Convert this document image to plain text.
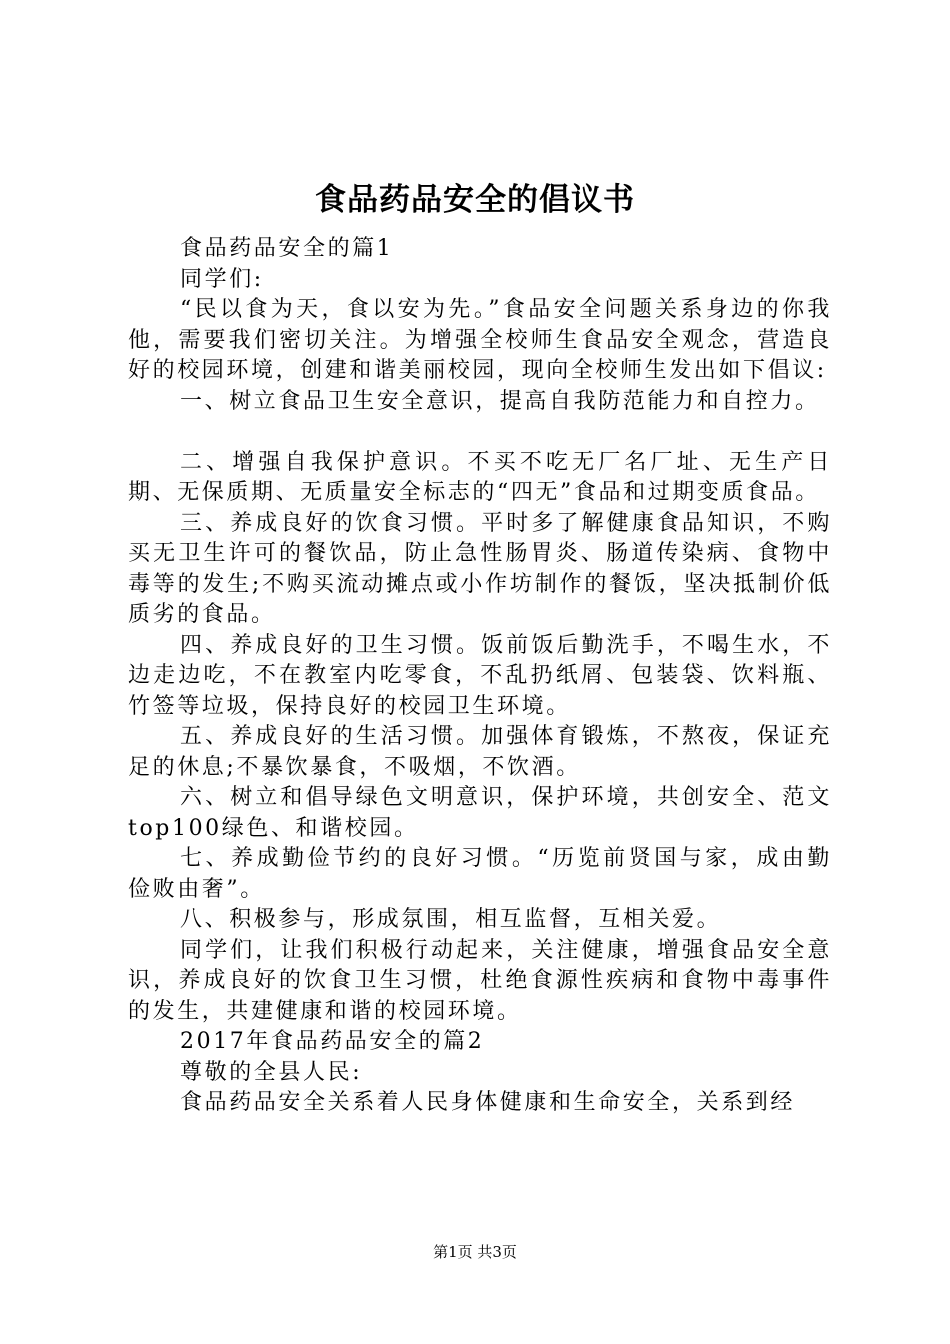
食品药品安全的倡议书

食品药品安全的篇1

同学们:

“民以食为天，食以安为先。”食品安全问题关系身边的你我他，需要我们密切关注。为增强全校师生食品安全观念，营造良好的校园环境，创建和谐美丽校园，现向全校师生发出如下倡议:

一、树立食品卫生安全意识，提高自我防范能力和自控力。

二、增强自我保护意识。不买不吃无厂名厂址、无生产日期、无保质期、无质量安全标志的“四无”食品和过期变质食品。

三、养成良好的饮食习惯。平时多了解健康食品知识，不购买无卫生许可的餐饮品，防止急性肠胃炎、肠道传染病、食物中毒等的发生;不购买流动摊点或小作坊制作的餐饭，坚决抵制价低质劣的食品。

四、养成良好的卫生习惯。饭前饭后勤洗手，不喝生水，不边走边吃，不在教室内吃零食，不乱扔纸屑、包装袋、饮料瓶、竹签等垃圾，保持良好的校园卫生环境。

五、养成良好的生活习惯。加强体育锻炼，不熬夜，保证充足的休息;不暴饮暴食，不吸烟，不饮酒。

六、树立和倡导绿色文明意识，保护环境，共创安全、范文top100绿色、和谐校园。

七、养成勤俭节约的良好习惯。“历览前贤国与家，成由勤俭败由奢”。

八、积极参与，形成氛围，相互监督，互相关爱。

同学们，让我们积极行动起来，关注健康，增强食品安全意识，养成良好的饮食卫生习惯，杜绝食源性疾病和食物中毒事件的发生，共建健康和谐的校园环境。

2017年食品药品安全的篇2

尊敬的全县人民:

食品药品安全关系着人民身体健康和生命安全，关系到经

第1页 共3页
